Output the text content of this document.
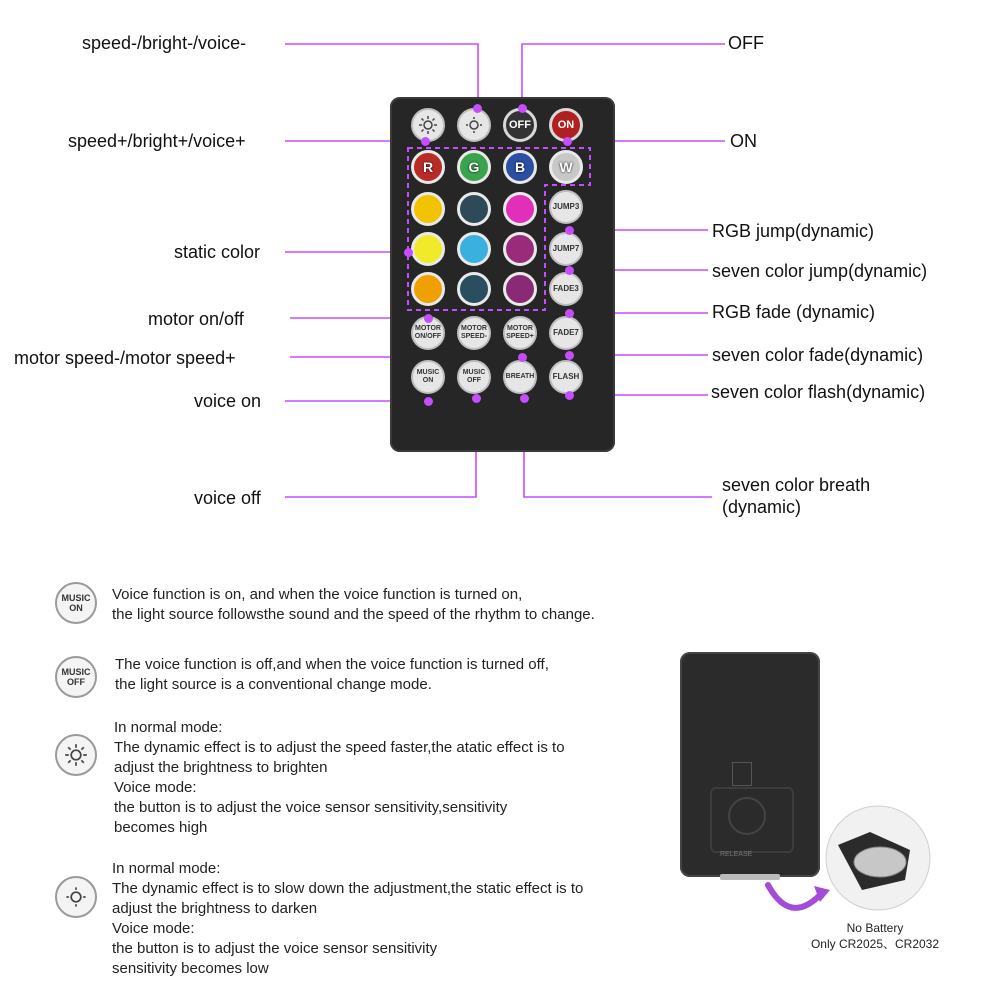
OFF ON
R	G	B W
JUMP3
JUMP7
FADE3
MOTOR
ON/OFF
MOTOR
SPEED-
MOTOR
SPEED+ FADE7
MUSIC
ON
MUSIC
OFF
BREATH FLASH
speed-/bright-/voice-	OFF
speed+/bright+/voice+	ON
static color
RGB jump(dynamic)
seven color jump(dynamic)
motor on/off	RGB fade (dynamic)
motor speed-/motor speed+	seven color fade(dynamic)
voice on	seven color flash(dynamic)
voice off
seven color breath
(dynamic)
MUSIC
ON
Voice function is on, and when the voice function is turned on,
the light source followsthe sound and the speed of the rhythm to change.
MUSIC
OFF
The voice function is off,and when the voice function is turned off,
the light source is a conventional change mode.
In normal mode:
The dynamic effect is to adjust the speed faster,the atatic effect is to
adjust the brightness to brighten
Voice mode:
the button is to adjust the voice sensor sensitivity,sensitivity
becomes high
In normal mode:
The dynamic effect is to slow down the adjustment,the static effect is to
adjust the brightness to darken
Voice mode:
the button is to adjust the voice sensor sensitivity
sensitivity becomes low
RELEASE
No Battery
Only CR2025、CR2032
